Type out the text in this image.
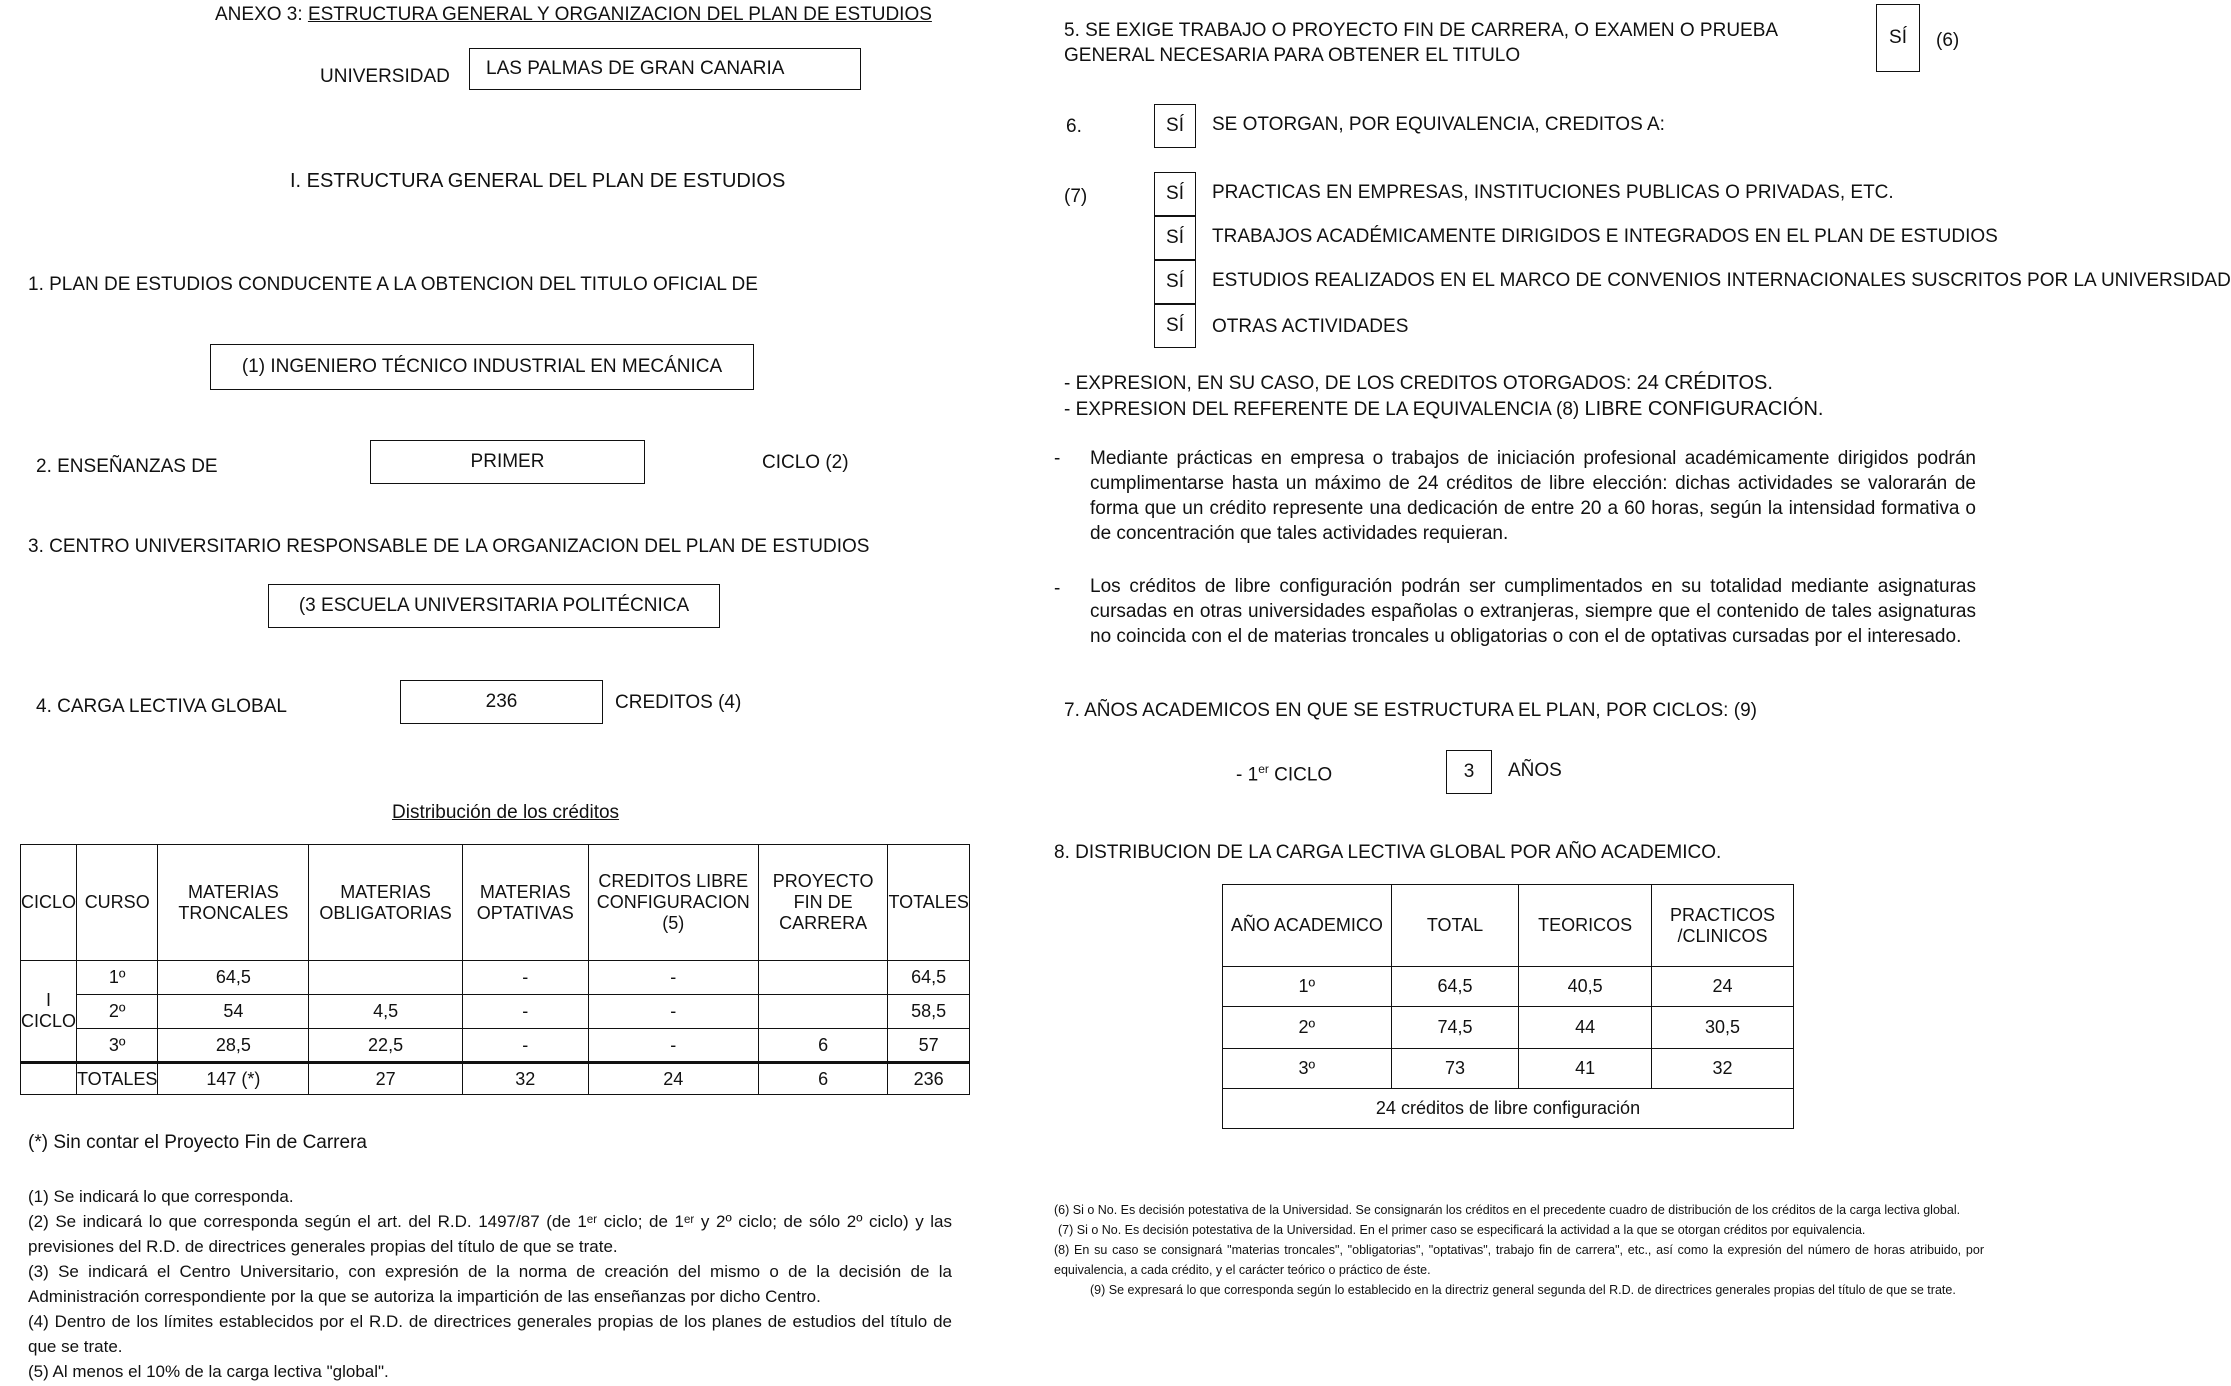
ANEXO 3: ESTRUCTURA GENERAL Y ORGANIZACION DEL PLAN DE ESTUDIOS
UNIVERSIDAD	LAS PALMAS DE GRAN CANARIA
I. ESTRUCTURA GENERAL DEL PLAN DE ESTUDIOS
1. PLAN DE ESTUDIOS CONDUCENTE A LA OBTENCION DEL TITULO OFICIAL DE
(1) INGENIERO TÉCNICO INDUSTRIAL EN MECÁNICA
2. ENSEÑANZAS DE	PRIMER	CICLO (2)
3. CENTRO UNIVERSITARIO RESPONSABLE DE LA ORGANIZACION DEL PLAN DE ESTUDIOS
(3 ESCUELA UNIVERSITARIA POLITÉCNICA
4. CARGA LECTIVA GLOBAL	236	CREDITOS (4)
Distribución de los créditos
CICLO	CURSO	MATERIAS TRONCALES	MATERIAS OBLIGATORIAS	MATERIAS OPTATIVAS	CREDITOS LIBRE CONFIGURACION (5)	PROYECTO FIN DE CARRERA	TOTALES
I CICLO	1º	64,5		-	-		64,5
	2º	54	4,5	-	-		58,5
	3º	28,5	22,5	-	-	6	57
	TOTALES	147 (*)	27	32	24	6	236
(*) Sin contar el Proyecto Fin de Carrera
(1) Se indicará lo que corresponda.
(2) Se indicará lo que corresponda según el art. del R.D. 1497/87 (de 1ᵉʳ ciclo; de 1ᵉʳ y 2º ciclo; de sólo 2º ciclo) y las previsiones del R.D. de directrices generales propias del título de que se trate.
(3) Se indicará el Centro Universitario, con expresión de la norma de creación del mismo o de la decisión de la Administración correspondiente por la que se autoriza la impartición de las enseñanzas por dicho Centro.
(4) Dentro de los límites establecidos por el R.D. de directrices generales propias de los planes de estudios del título de que se trate.
(5) Al menos el 10% de la carga lectiva "global".
5. SE EXIGE TRABAJO O PROYECTO FIN DE CARRERA, O EXAMEN O PRUEBA GENERAL NECESARIA PARA OBTENER EL TITULO
SÍ	(6)
6.	SÍ	SE OTORGAN, POR EQUIVALENCIA, CREDITOS A:
(7)	SÍ	PRACTICAS EN EMPRESAS, INSTITUCIONES PUBLICAS O PRIVADAS, ETC.
SÍ	TRABAJOS ACADÉMICAMENTE DIRIGIDOS E INTEGRADOS EN EL PLAN DE ESTUDIOS
SÍ	ESTUDIOS REALIZADOS EN EL MARCO DE CONVENIOS INTERNACIONALES SUSCRITOS POR LA UNIVERSIDAD
SÍ	OTRAS ACTIVIDADES
- EXPRESION, EN SU CASO, DE LOS CREDITOS OTORGADOS: 24 CRÉDITOS.
- EXPRESION DEL REFERENTE DE LA EQUIVALENCIA (8) LIBRE CONFIGURACIÓN.
- Mediante prácticas en empresa o trabajos de iniciación profesional académicamente dirigidos podrán cumplimentarse hasta un máximo de 24 créditos de libre elección: dichas actividades se valorarán de forma que un crédito represente una dedicación de entre 20 a 60 horas, según la intensidad formativa o de concentración que tales actividades requieran.
- Los créditos de libre configuración podrán ser cumplimentados en su totalidad mediante asignaturas cursadas en otras universidades españolas o extranjeras, siempre que el contenido de tales asignaturas no coincida con el de materias troncales u obligatorias o con el de optativas cursadas por el interesado.
7. AÑOS ACADEMICOS EN QUE SE ESTRUCTURA EL PLAN, POR CICLOS: (9)
- 1er CICLO	3	AÑOS
8. DISTRIBUCION DE LA CARGA LECTIVA GLOBAL POR AÑO ACADEMICO.
AÑO ACADEMICO	TOTAL	TEORICOS	PRACTICOS /CLINICOS
1º	64,5	40,5	24
2º	74,5	44	30,5
3º	73	41	32
24 créditos de libre configuración			
(6) Si o No. Es decisión potestativa de la Universidad. Se consignarán los créditos en el precedente cuadro de distribución de los créditos de la carga lectiva global.
(7) Si o No. Es decisión potestativa de la Universidad. En el primer caso se especificará la actividad a la que se otorgan créditos por equivalencia.
(8) En su caso se consignará "materias troncales", "obligatorias", "optativas", trabajo fin de carrera", etc., así como la expresión del número de horas atribuido, por equivalencia, a cada crédito, y el carácter teórico o práctico de éste.
(9) Se expresará lo que corresponda según lo establecido en la directriz general segunda del R.D. de directrices generales propias del título de que se trate.
